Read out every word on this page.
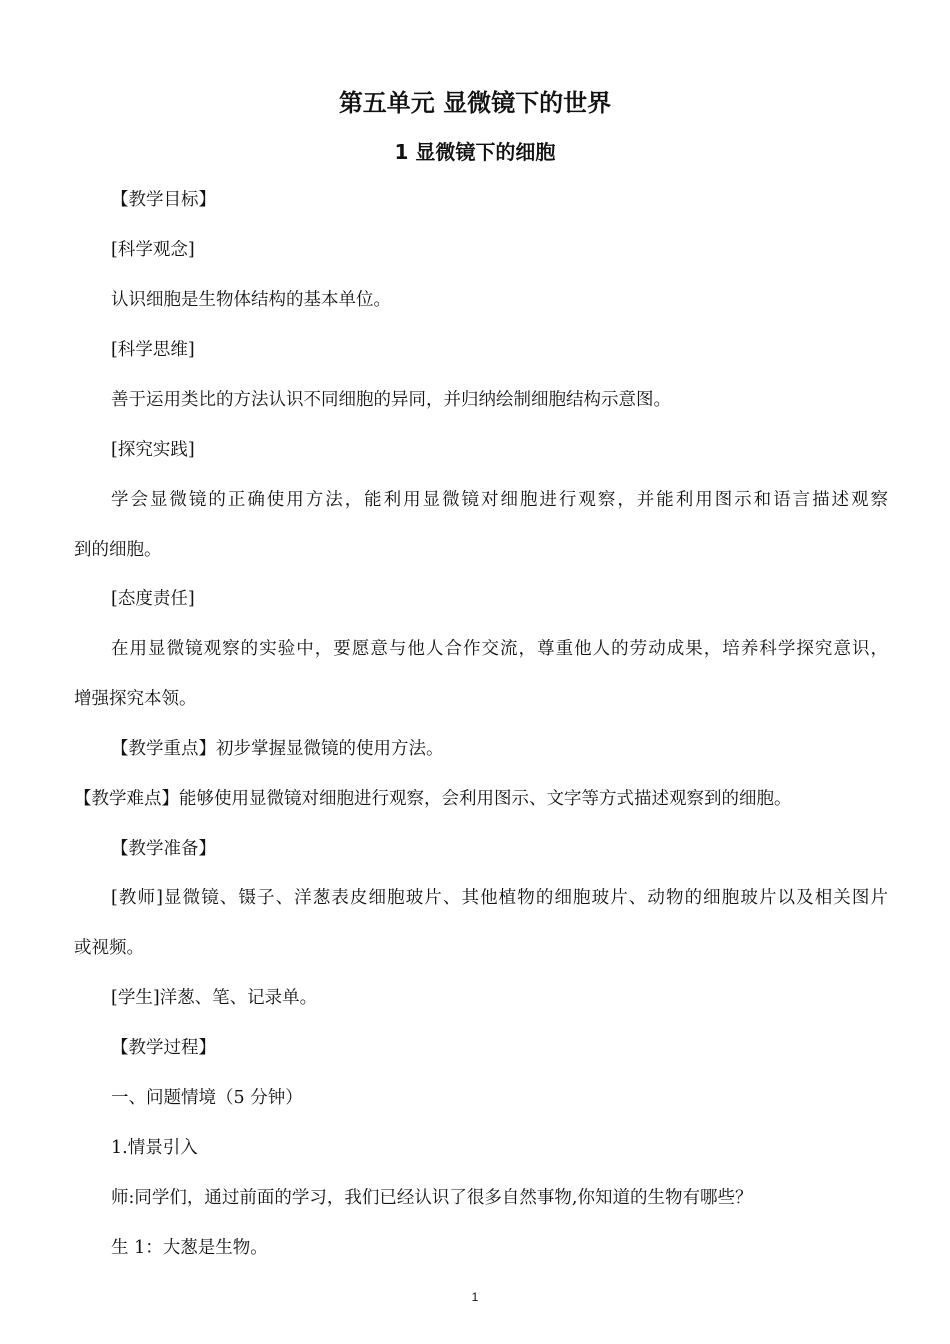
第五单元 显微镜下的世界
1 显微镜下的细胞
【教学目标】
[科学观念]
认识细胞是生物体结构的基本单位。
[科学思维]
善于运用类比的方法认识不同细胞的异同，并归纳绘制细胞结构示意图。
[探究实践]
学会显微镜的正确使用方法，能利用显微镜对细胞进行观察，并能利用图示和语言描述观察
到的细胞。
[态度责任]
在用显微镜观察的实验中，要愿意与他人合作交流，尊重他人的劳动成果，培养科学探究意识，
增强探究本领。
【教学重点】初步掌握显微镜的使用方法。
【教学难点】能够使用显微镜对细胞进行观察，会利用图示、文字等方式描述观察到的细胞。
【教学准备】
[教师]显微镜、镊子、洋葱表皮细胞玻片、其他植物的细胞玻片、动物的细胞玻片以及相关图片
或视频。
[学生]洋葱、笔、记录单。
【教学过程】
一、问题情境（5 分钟）
1.情景引入
师:同学们，通过前面的学习，我们已经认识了很多自然事物,你知道的生物有哪些？
生 1：大葱是生物。
1
